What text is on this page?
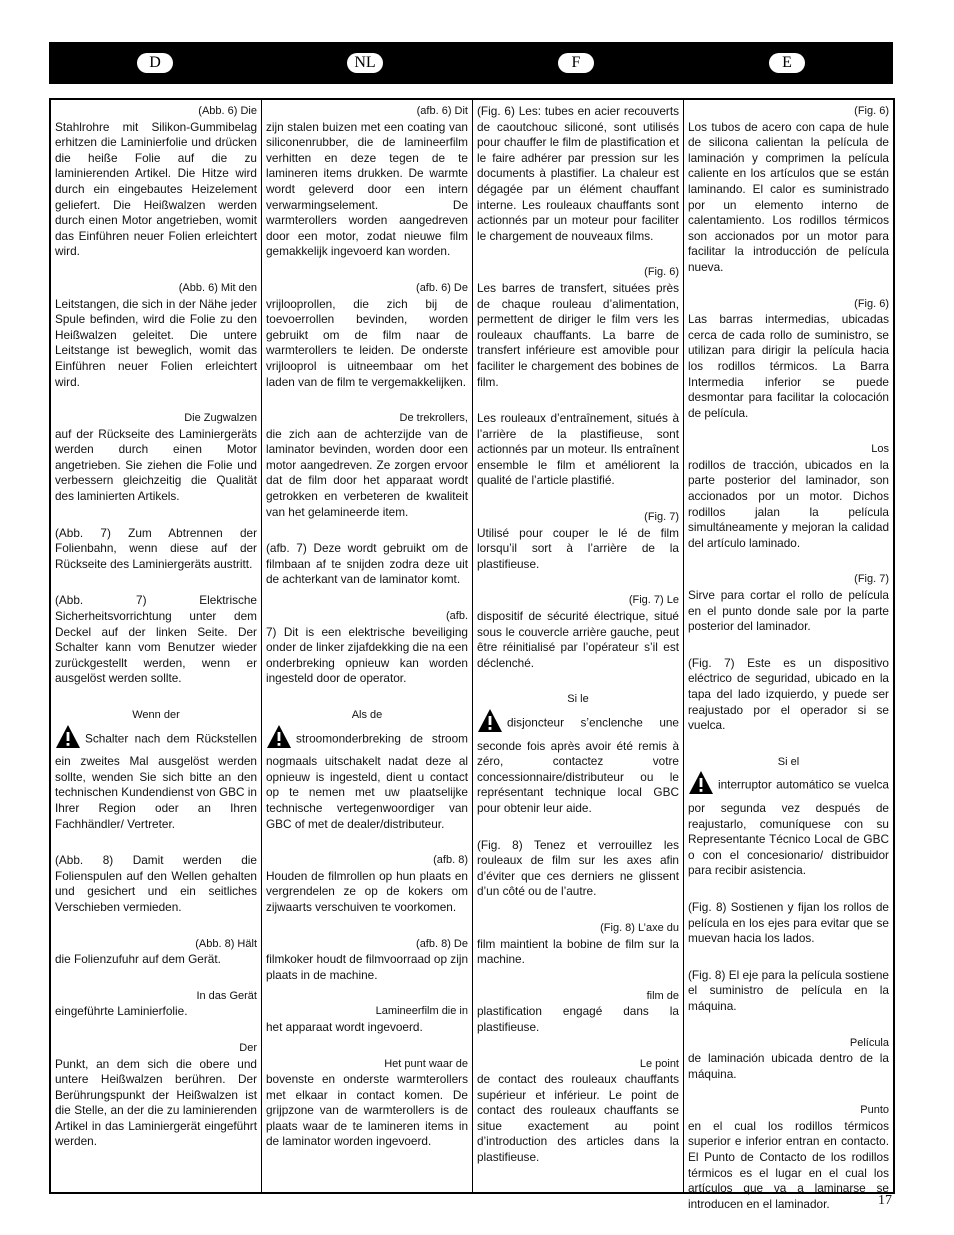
D	NL	F	E

(Abb. 6) Die
Stahlrohre mit Silikon-Gummibelag erhitzen die Laminierfolie und drücken die heiße Folie auf die zu laminierenden Artikel. Die Hitze wird durch ein eingebautes Heizelement geliefert. Die Heißwalzen werden durch einen Motor angetrieben, womit das Einführen neuer Folien erleichtert wird.

(Abb. 6) Mit den
Leitstangen, die sich in der Nähe jeder Spule befinden, wird die Folie zu den Heißwalzen geleitet. Die untere Leitstange ist beweglich, womit das Einführen neuer Folien erleichtert wird.

Die Zugwalzen
auf der Rückseite des Laminiergeräts werden durch einen Motor angetrieben. Sie ziehen die Folie und verbessern gleichzeitig die Qualität des laminierten Artikels.

(Abb. 7) Zum Abtrennen der Folienbahn, wenn diese auf der Rückseite des Laminiergeräts austritt.

(Abb. 7) Elektrische Sicherheitsvorrichtung unter dem Deckel auf der linken Seite. Der Schalter kann vom Benutzer wieder zurückgestellt werden, wenn er ausgelöst werden sollte.

Wenn der
Schalter nach dem Rückstellen ein zweites Mal ausgelöst werden sollte, wenden Sie sich bitte an den technischen Kundendienst von GBC in Ihrer Region oder an Ihren Fachhändler/ Vertreter.

(Abb. 8) Damit werden die Folienspulen auf den Wellen gehalten und gesichert und ein seitliches Verschieben vermieden.

(Abb. 8) Hält
die Folienzufuhr auf dem Gerät.

In das Gerät
eingeführte Laminierfolie.

Der
Punkt, an dem sich die obere und untere Heißwalzen berühren. Der Berührungspunkt der Heißwalzen ist die Stelle, an der die zu laminierenden Artikel in das Laminiergerät eingeführt werden.

(afb. 6) Dit
zijn stalen buizen met een coating van siliconenrubber, die de lamineerfilm verhitten en deze tegen de te lamineren items drukken. De warmte wordt geleverd door een intern verwarmingselement. De warmterollers worden aangedreven door een motor, zodat nieuwe film gemakkelijk ingevoerd kan worden.

(afb. 6) De
vrijlooprollen, die zich bij de toevoerrollen bevinden, worden gebruikt om de film naar de warmterollers te leiden. De onderste vrijlooprol is uitneembaar om het laden van de film te vergemakkelijken.

De trekrollers,
die zich aan de achterzijde van de laminator bevinden, worden door een motor aangedreven. Ze zorgen ervoor dat de film door het apparaat wordt getrokken en verbeteren de kwaliteit van het gelamineerde item.

(afb. 7) Deze wordt gebruikt om de filmbaan af te snijden zodra deze uit de achterkant van de laminator komt.

(afb.
7) Dit is een elektrische beveiliging onder de linker zijafdekking die na een onderbreking opnieuw kan worden ingesteld door de operator.

Als de
stroomonderbreking de stroom nogmaals uitschakelt nadat deze al opnieuw is ingesteld, dient u contact op te nemen met uw plaatselijke technische vertegenwoordiger van GBC of met de dealer/distributeur.

(afb. 8)
Houden de filmrollen op hun plaats en vergrendelen ze op de kokers om zijwaarts verschuiven te voorkomen.

(afb. 8) De
filmkoker houdt de filmvoorraad op zijn plaats in de machine.

Lamineerfilm die in
het apparaat wordt ingevoerd.

Het punt waar de
bovenste en onderste warmterollers met elkaar in contact komen. De grijpzone van de warmterollers is de plaats waar de te lamineren items in de laminator worden ingevoerd.

(Fig. 6) Les: tubes en acier recouverts de caoutchouc siliconé, sont utilisés pour chauffer le film de plastification et le faire adhérer par pression sur les documents à plastifier. La chaleur est dégagée par un élément chauffant interne. Les rouleaux chauffants sont actionnés par un moteur pour faciliter le chargement de nouveaux films.

(Fig. 6)
Les barres de transfert, situées près de chaque rouleau d’alimentation, permettent de diriger le film vers les rouleaux chauffants. La barre de transfert inférieure est amovible pour faciliter le chargement des bobines de film.

Les rouleaux d’entraînement, situés à l’arrière de la plastifieuse, sont actionnés par un moteur. Ils entraînent ensemble le film et améliorent la qualité de l’article plastifié.

(Fig. 7)
Utilisé pour couper le lé de film lorsqu’il sort à l’arrière de la plastifieuse.

(Fig. 7) Le
dispositif de sécurité électrique, situé sous le couvercle arrière gauche, peut être réinitialisé par l’opérateur s’il est déclenché.

Si le
disjoncteur s’enclenche une seconde fois après avoir été remis à zéro, contactez votre concessionnaire/distributeur ou le représentant technique local GBC pour obtenir leur aide.

(Fig. 8) Tenez et verrouillez les rouleaux de film sur les axes afin d’éviter que ces derniers ne glissent d’un côté ou de l’autre.

(Fig. 8) L’axe du
film maintient la bobine de film sur la machine.

film de
plastification engagé dans la plastifieuse.

Le point
de contact des rouleaux chauffants supérieur et inférieur. Le point de contact des rouleaux chauffants se situe exactement au point d’introduction des articles dans la plastifieuse.

(Fig. 6)
Los tubos de acero con capa de hule de silicona calientan la película de laminación y comprimen la película caliente en los artículos que se están laminando. El calor es suministrado por un elemento interno de calentamiento. Los rodillos térmicos son accionados por un motor para facilitar la introducción de película nueva.

(Fig. 6)
Las barras intermedias, ubicadas cerca de cada rollo de suministro, se utilizan para dirigir la película hacia los rodillos térmicos. La Barra Intermedia inferior se puede desmontar para facilitar la colocación de película.

Los
rodillos de tracción, ubicados en la parte posterior del laminador, son accionados por un motor. Dichos rodillos jalan la película simultáneamente y mejoran la calidad del artículo laminado.

(Fig. 7)
Sirve para cortar el rollo de película en el punto donde sale por la parte posterior del laminador.

(Fig. 7) Este es un dispositivo eléctrico de seguridad, ubicado en la tapa del lado izquierdo, y puede ser reajustado por el operador si se vuelca.

Si el
interruptor automático se vuelca por segunda vez después de reajustarlo, comuníquese con su Representante Técnico Local de GBC o con el concesionario/ distribuidor para recibir asistencia.

(Fig. 8) Sostienen y fijan los rollos de película en los ejes para evitar que se muevan hacia los lados.

(Fig. 8) El eje para la película sostiene el suministro de película en la máquina.

Película
de laminación ubicada dentro de la máquina.

Punto
en el cual los rodillos térmicos superior e inferior entran en contacto. El Punto de Contacto de los rodillos térmicos es el lugar en el cual los artículos que va a laminarse se introducen en el laminador.	17
